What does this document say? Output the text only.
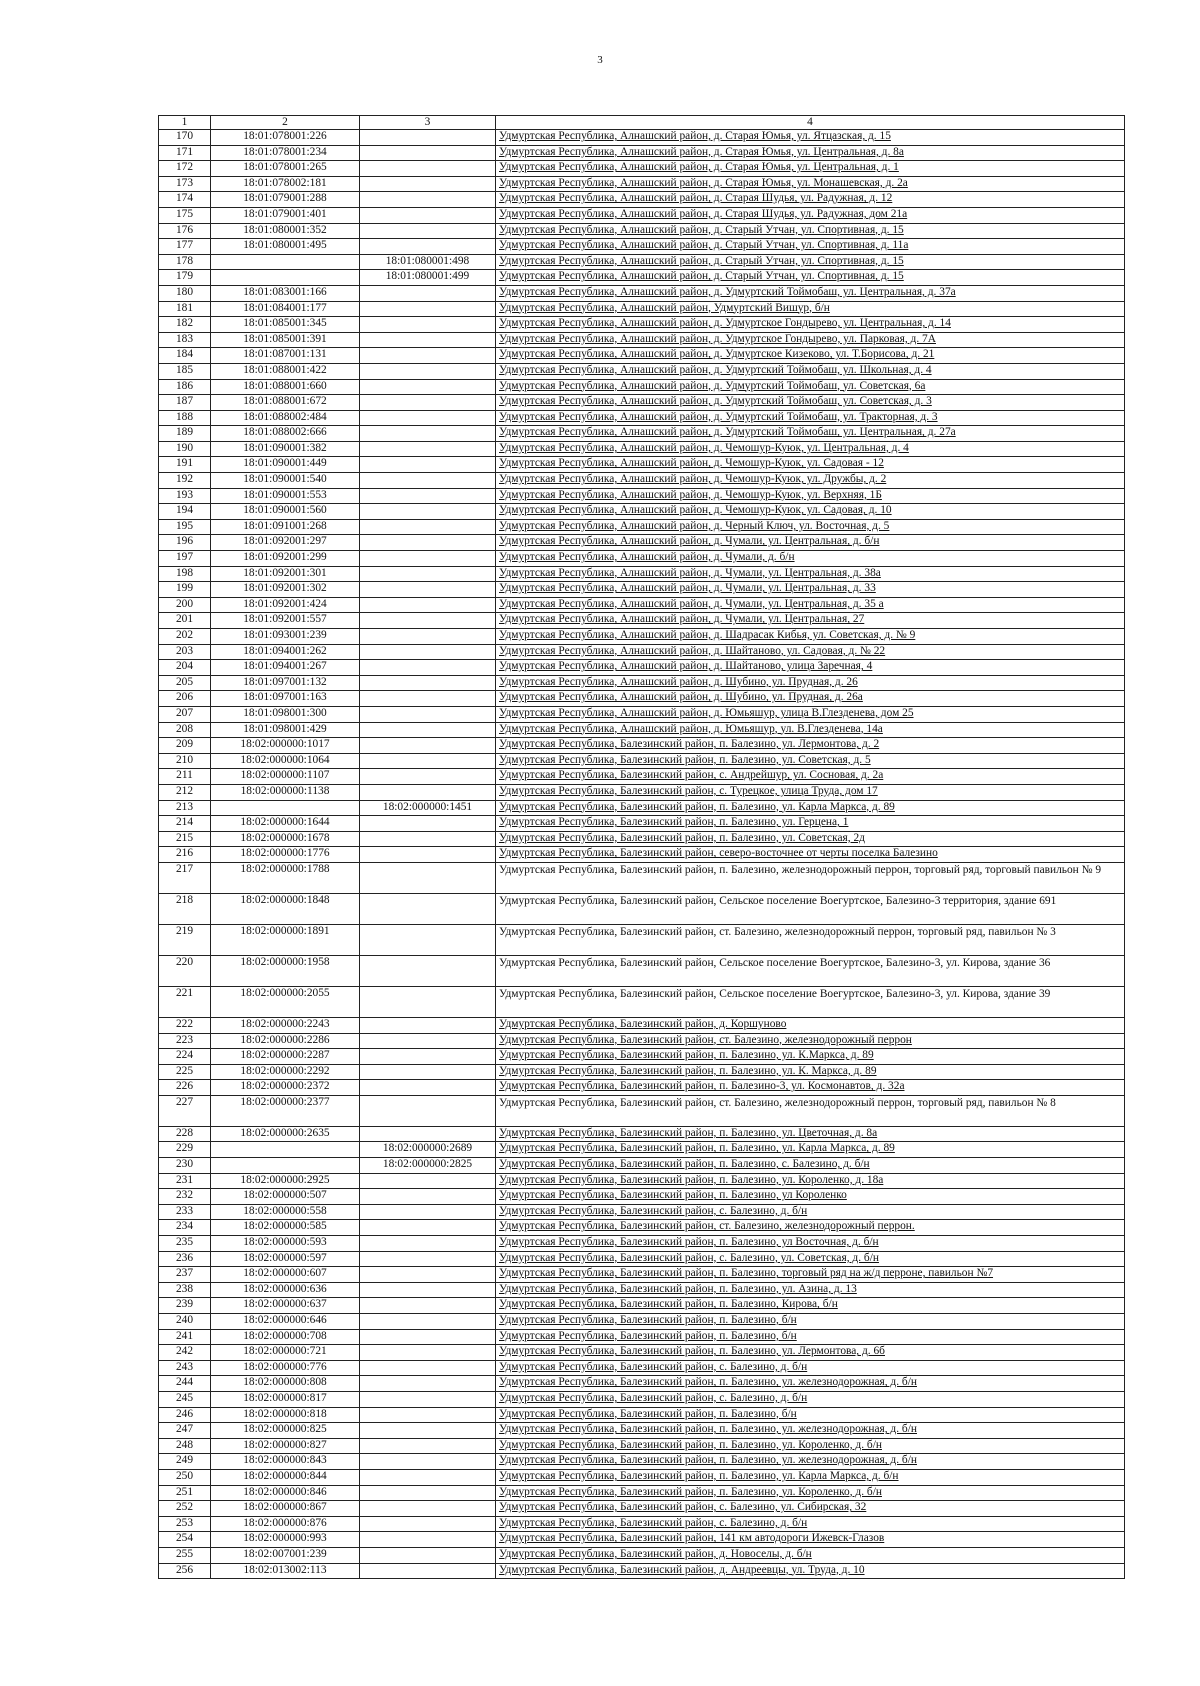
3
1	2	3	4
170	18:01:078001:226		Удмуртская Республика, Алнашский район, д. Старая Юмья, ул. Ятцазская, д. 15
171	18:01:078001:234		Удмуртская Республика, Алнашский район, д. Старая Юмья, ул. Центральная, д. 8а
172	18:01:078001:265		Удмуртская Республика, Алнашский район, д. Старая Юмья, ул. Центральная, д. 1
173	18:01:078002:181		Удмуртская Республика, Алнашский район, д. Старая Юмья, ул. Монашевская, д. 2а
174	18:01:079001:288		Удмуртская Республика, Алнашский район, д. Старая Шудья, ул. Радужная, д. 12
175	18:01:079001:401		Удмуртская Республика, Алнашский район, д. Старая Шудья, ул. Радужная, дом 21а
176	18:01:080001:352		Удмуртская Республика, Алнашский район, д. Старый Утчан, ул. Спортивная, д. 15
177	18:01:080001:495		Удмуртская Республика, Алнашский район, д. Старый Утчан, ул. Спортивная, д. 11а
178		18:01:080001:498	Удмуртская Республика, Алнашский район, д. Старый Утчан, ул. Спортивная, д. 15
179		18:01:080001:499	Удмуртская Республика, Алнашский район, д. Старый Утчан, ул. Спортивная, д. 15
180	18:01:083001:166		Удмуртская Республика, Алнашский район, д. Удмуртский Тоймобаш, ул. Центральная, д. 37а
181	18:01:084001:177		Удмуртская Республика, Алнашский район, Удмуртский Вишур, б/н
182	18:01:085001:345		Удмуртская Республика, Алнашский район, д. Удмуртское Гондырево, ул. Центральная, д. 14
183	18:01:085001:391		Удмуртская Республика, Алнашский район, д. Удмуртское Гондырево, ул. Парковая, д. 7А
184	18:01:087001:131		Удмуртская Республика, Алнашский район, д. Удмуртское Кизеково, ул. Т.Борисова, д. 21
185	18:01:088001:422		Удмуртская Республика, Алнашский район, д. Удмуртский Тоймобаш, ул. Школьная, д. 4
186	18:01:088001:660		Удмуртская Республика, Алнашский район, д. Удмуртский Тоймобаш, ул. Советская, 6а
187	18:01:088001:672		Удмуртская Республика, Алнашский район, д. Удмуртский Тоймобаш, ул. Советская, д. 3
188	18:01:088002:484		Удмуртская Республика, Алнашский район, д. Удмуртский Тоймобаш, ул. Тракторная, д. 3
189	18:01:088002:666		Удмуртская Республика, Алнашский район, д. Удмуртский Тоймобаш, ул. Центральная, д. 27а
190	18:01:090001:382		Удмуртская Республика, Алнашский район, д. Чемошур-Куюк, ул. Центральная, д. 4
191	18:01:090001:449		Удмуртская Республика, Алнашский район, д. Чемошур-Куюк, ул. Садовая - 12
192	18:01:090001:540		Удмуртская Республика, Алнашский район, д. Чемошур-Куюк, ул. Дружбы, д. 2
193	18:01:090001:553		Удмуртская Республика, Алнашский район, д. Чемошур-Куюк, ул. Верхняя, 1Б
194	18:01:090001:560		Удмуртская Республика, Алнашский район, д. Чемошур-Куюк, ул. Садовая, д. 10
195	18:01:091001:268		Удмуртская Республика, Алнашский район, д. Черный Ключ, ул. Восточная, д. 5
196	18:01:092001:297		Удмуртская Республика, Алнашский район, д. Чумали, ул. Центральная, д. б/н
197	18:01:092001:299		Удмуртская Республика, Алнашский район, д. Чумали, д. б/н
198	18:01:092001:301		Удмуртская Республика, Алнашский район, д. Чумали, ул. Центральная, д. 38а
199	18:01:092001:302		Удмуртская Республика, Алнашский район, д. Чумали, ул. Центральная, д. 33
200	18:01:092001:424		Удмуртская Республика, Алнашский район, д. Чумали, ул. Центральная, д. 35 а
201	18:01:092001:557		Удмуртская Республика, Алнашский район, д. Чумали, ул. Центральная, 27
202	18:01:093001:239		Удмуртская Республика, Алнашский район, д. Шадрасак Кибья, ул. Советская, д. № 9
203	18:01:094001:262		Удмуртская Республика, Алнашский район, д. Шайтаново, ул. Садовая, д. № 22
204	18:01:094001:267		Удмуртская Республика, Алнашский район, д. Шайтаново, улица Заречная, 4
205	18:01:097001:132		Удмуртская Республика, Алнашский район, д. Шубино, ул. Прудная, д. 26
206	18:01:097001:163		Удмуртская Республика, Алнашский район, д. Шубино, ул. Прудная, д. 26а
207	18:01:098001:300		Удмуртская Республика, Алнашский район, д. Юмьяшур, улица В.Глезденева, дом 25
208	18:01:098001:429		Удмуртская Республика, Алнашский район, д. Юмьяшур, ул. В.Глезденева, 14а
209	18:02:000000:1017		Удмуртская Республика, Балезинский район, п. Балезино, ул. Лермонтова, д. 2
210	18:02:000000:1064		Удмуртская Республика, Балезинский район, п. Балезино, ул. Советская, д. 5
211	18:02:000000:1107		Удмуртская Республика, Балезинский район, с. Андрейшур, ул. Сосновая, д. 2а
212	18:02:000000:1138		Удмуртская Республика, Балезинский район, с. Турецкое, улица Труда, дом 17
213		18:02:000000:1451	Удмуртская Республика, Балезинский район, п. Балезино, ул. Карла Маркса, д. 89
214	18:02:000000:1644		Удмуртская Республика, Балезинский район, п. Балезино, ул. Герцена, 1
215	18:02:000000:1678		Удмуртская Республика, Балезинский район, п. Балезино, ул. Советская, 2д
216	18:02:000000:1776		Удмуртская Республика, Балезинский район, северо-восточнее от черты поселка Балезино
217	18:02:000000:1788		Удмуртская Республика, Балезинский район, п. Балезино, железнодорожный перрон, торговый ряд, торговый павильон № 9
218	18:02:000000:1848		Удмуртская Республика, Балезинский район, Сельское поселение Воегуртское, Балезино-3 территория, здание 691
219	18:02:000000:1891		Удмуртская Республика, Балезинский район, ст. Балезино, железнодорожный перрон, торговый ряд, павильон № 3
220	18:02:000000:1958		Удмуртская Республика, Балезинский район, Сельское поселение Воегуртское, Балезино-3, ул. Кирова, здание 36
221	18:02:000000:2055		Удмуртская Республика, Балезинский район, Сельское поселение Воегуртское, Балезино-3, ул. Кирова, здание 39
222	18:02:000000:2243		Удмуртская Республика, Балезинский район, д. Коршуново
223	18:02:000000:2286		Удмуртская Республика, Балезинский район, ст. Балезино, железнодорожный перрон
224	18:02:000000:2287		Удмуртская Республика, Балезинский район, п. Балезино, ул. К.Маркса, д. 89
225	18:02:000000:2292		Удмуртская Республика, Балезинский район, п. Балезино, ул. К. Маркса, д. 89
226	18:02:000000:2372		Удмуртская Республика, Балезинский район, п. Балезино-3, ул. Космонавтов, д. 32а
227	18:02:000000:2377		Удмуртская Республика, Балезинский район, ст. Балезино, железнодорожный перрон, торговый ряд, павильон № 8
228	18:02:000000:2635		Удмуртская Республика, Балезинский район, п. Балезино, ул. Цветочная, д. 8а
229		18:02:000000:2689	Удмуртская Республика, Балезинский район, п. Балезино, ул. Карла Маркса, д. 89
230		18:02:000000:2825	Удмуртская Республика, Балезинский район, п. Балезино, с. Балезино, д. б/н
231	18:02:000000:2925		Удмуртская Республика, Балезинский район, п. Балезино, ул. Короленко, д. 18а
232	18:02:000000:507		Удмуртская Республика, Балезинский район, п. Балезино, ул Короленко
233	18:02:000000:558		Удмуртская Республика, Балезинский район, с. Балезино, д. б/н
234	18:02:000000:585		Удмуртская Республика, Балезинский район, ст. Балезино, железнодорожный перрон.
235	18:02:000000:593		Удмуртская Республика, Балезинский район, п. Балезино, ул Восточная, д. б/н
236	18:02:000000:597		Удмуртская Республика, Балезинский район, с. Балезино, ул. Советская, д. б/н
237	18:02:000000:607		Удмуртская Республика, Балезинский район, п. Балезино, торговый ряд на ж/д перроне, павильон №7
238	18:02:000000:636		Удмуртская Республика, Балезинский район, п. Балезино, ул. Азина, д. 13
239	18:02:000000:637		Удмуртская Республика, Балезинский район, п. Балезино, Кирова, б/н
240	18:02:000000:646		Удмуртская Республика, Балезинский район, п. Балезино, б/н
241	18:02:000000:708		Удмуртская Республика, Балезинский район, п. Балезино, б/н
242	18:02:000000:721		Удмуртская Республика, Балезинский район, п. Балезино, ул. Лермонтова, д. 6б
243	18:02:000000:776		Удмуртская Республика, Балезинский район, с. Балезино, д. б/н
244	18:02:000000:808		Удмуртская Республика, Балезинский район, п. Балезино, ул. железнодорожная, д. б/н
245	18:02:000000:817		Удмуртская Республика, Балезинский район, с. Балезино, д. б/н
246	18:02:000000:818		Удмуртская Республика, Балезинский район, п. Балезино, б/н
247	18:02:000000:825		Удмуртская Республика, Балезинский район, п. Балезино, ул. железнодорожная, д. б/н
248	18:02:000000:827		Удмуртская Республика, Балезинский район, п. Балезино, ул. Короленко, д. б/н
249	18:02:000000:843		Удмуртская Республика, Балезинский район, п. Балезино, ул. железнодорожная, д. б/н
250	18:02:000000:844		Удмуртская Республика, Балезинский район, п. Балезино, ул. Карла Маркса, д. б/н
251	18:02:000000:846		Удмуртская Республика, Балезинский район, п. Балезино, ул. Короленко, д. б/н
252	18:02:000000:867		Удмуртская Республика, Балезинский район, с. Балезино, ул. Сибирская, 32
253	18:02:000000:876		Удмуртская Республика, Балезинский район, с. Балезино, д. б/н
254	18:02:000000:993		Удмуртская Республика, Балезинский район, 141 км автодороги Ижевск-Глазов
255	18:02:007001:239		Удмуртская Республика, Балезинский район, д. Новоселы, д. б/н
256	18:02:013002:113		Удмуртская Республика, Балезинский район, д. Андреевцы, ул. Труда, д. 10
